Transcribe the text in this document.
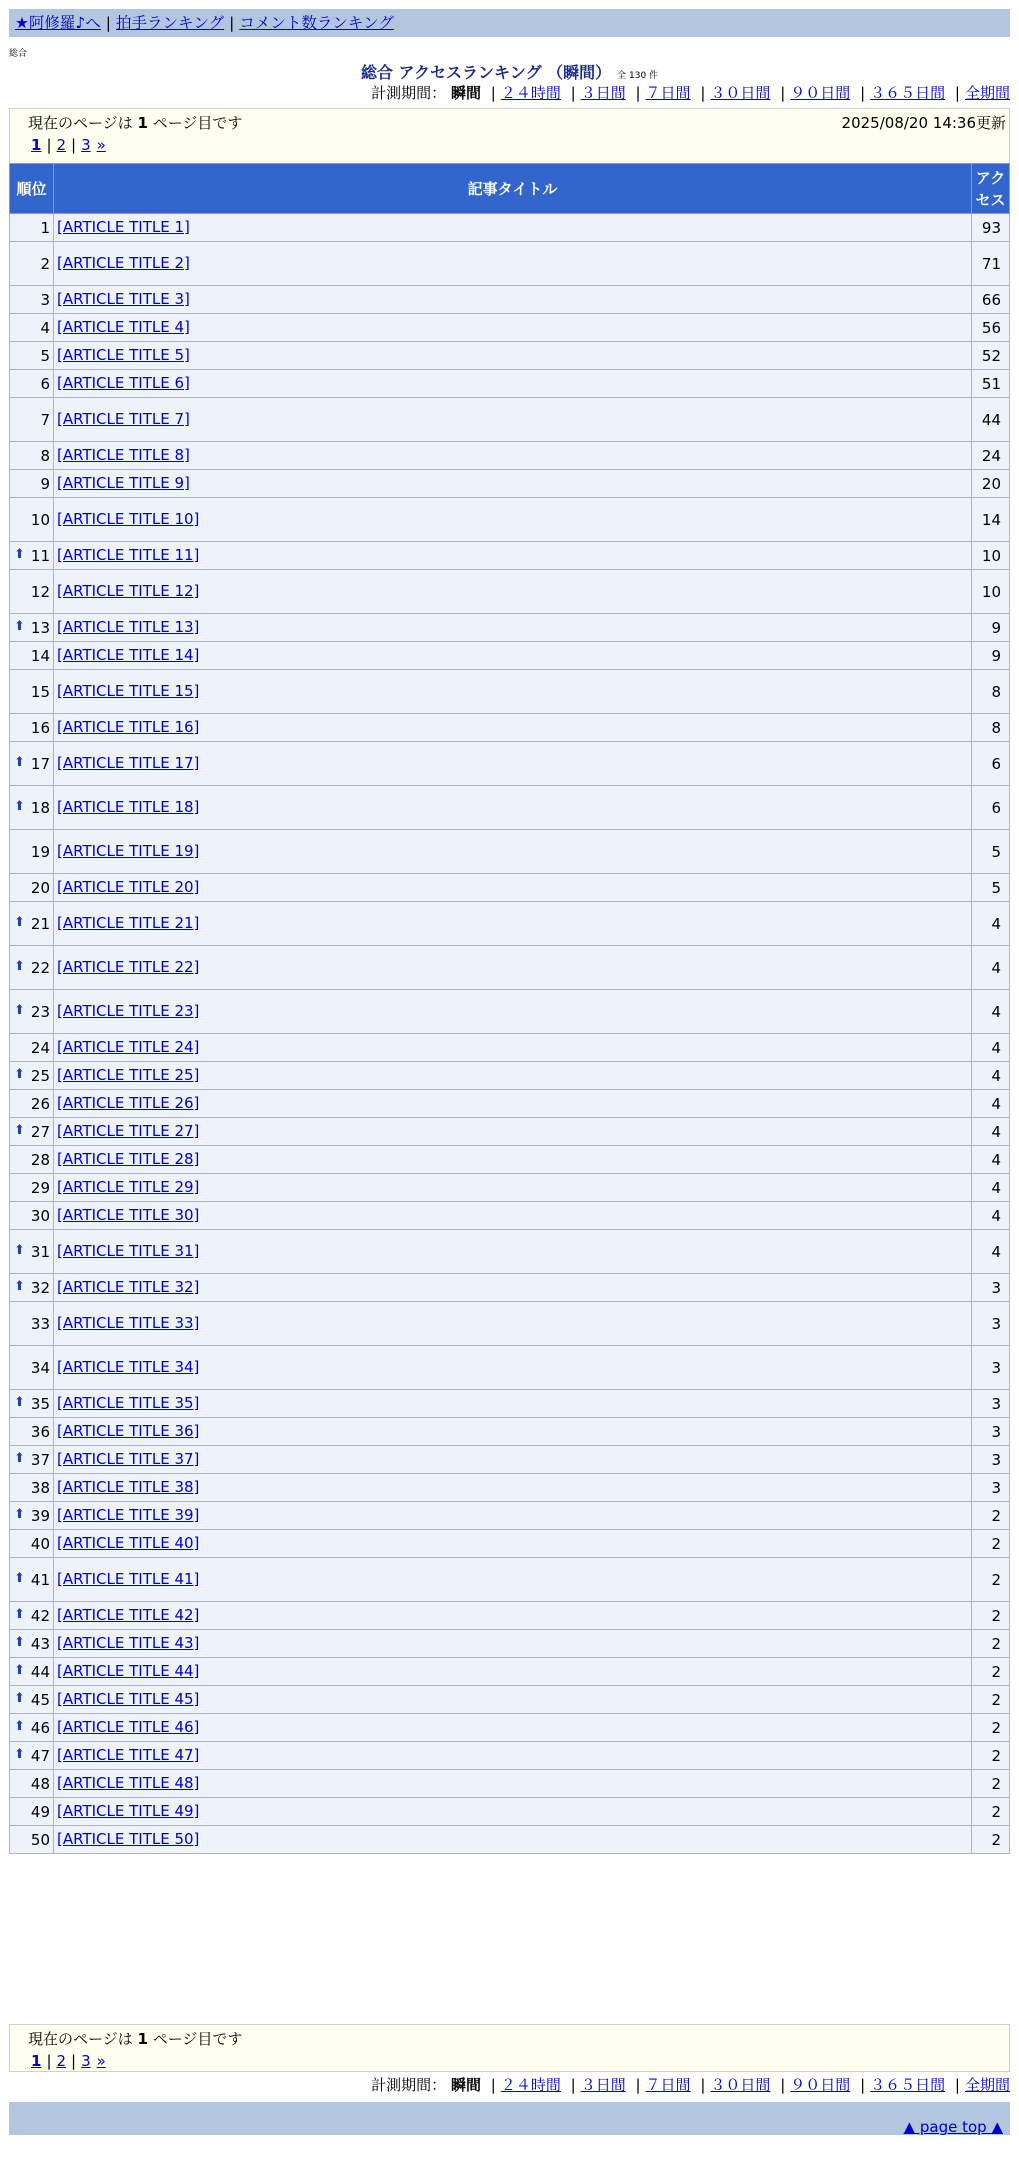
★阿修羅♪へ | 拍手ランキング | コメント数ランキング
総合
総合 アクセスランキング （瞬間） 全 130 件
計測期間： 瞬間 | ２４時間 | ３日間 | ７日間 | ３０日間 | ９０日間 | ３６５日間 | 全期間
現在のページは 1 ページ目です	2025/08/20 14:36更新
1 | 2 | 3 »
順位	記事タイトル	アクセス
1	[ARTICLE TITLE 1]	93
2	[ARTICLE TITLE 2]	71
3	[ARTICLE TITLE 3]	66
4	[ARTICLE TITLE 4]	56
5	[ARTICLE TITLE 5]	52
6	[ARTICLE TITLE 6]	51
7	[ARTICLE TITLE 7]	44
8	[ARTICLE TITLE 8]	24
9	[ARTICLE TITLE 9]	20
10	[ARTICLE TITLE 10]	14

⬆ 11	[ARTICLE TITLE 11]	10
12	[ARTICLE TITLE 12]	10

⬆ 13	[ARTICLE TITLE 13]	9
14	[ARTICLE TITLE 14]	9
15	[ARTICLE TITLE 15]	8
16	[ARTICLE TITLE 16]	8

⬆ 17	[ARTICLE TITLE 17]	6

⬆ 18	[ARTICLE TITLE 18]	6
19	[ARTICLE TITLE 19]	5
20	[ARTICLE TITLE 20]	5

⬆ 21	[ARTICLE TITLE 21]	4

⬆ 22	[ARTICLE TITLE 22]	4

⬆ 23	[ARTICLE TITLE 23]	4
24	[ARTICLE TITLE 24]	4

⬆ 25	[ARTICLE TITLE 25]	4
26	[ARTICLE TITLE 26]	4

⬆ 27	[ARTICLE TITLE 27]	4
28	[ARTICLE TITLE 28]	4
29	[ARTICLE TITLE 29]	4
30	[ARTICLE TITLE 30]	4

⬆ 31	[ARTICLE TITLE 31]	4

⬆ 32	[ARTICLE TITLE 32]	3
33	[ARTICLE TITLE 33]	3
34	[ARTICLE TITLE 34]	3

⬆ 35	[ARTICLE TITLE 35]	3
36	[ARTICLE TITLE 36]	3

⬆ 37	[ARTICLE TITLE 37]	3
38	[ARTICLE TITLE 38]	3

⬆ 39	[ARTICLE TITLE 39]	2
40	[ARTICLE TITLE 40]	2

⬆ 41	[ARTICLE TITLE 41]	2

⬆ 42	[ARTICLE TITLE 42]	2

⬆ 43	[ARTICLE TITLE 43]	2

⬆ 44	[ARTICLE TITLE 44]	2

⬆ 45	[ARTICLE TITLE 45]	2

⬆ 46	[ARTICLE TITLE 46]	2

⬆ 47	[ARTICLE TITLE 47]	2
48	[ARTICLE TITLE 48]	2
49	[ARTICLE TITLE 49]	2
50	[ARTICLE TITLE 50]	2
計測期間： 瞬間 | ２４時間 | ３日間 | ７日間 | ３０日間 | ９０日間 | ３６５日間 | 全期間
現在のページは 1 ページ目です
1 | 2 | 3 »
▲ page top ▲
